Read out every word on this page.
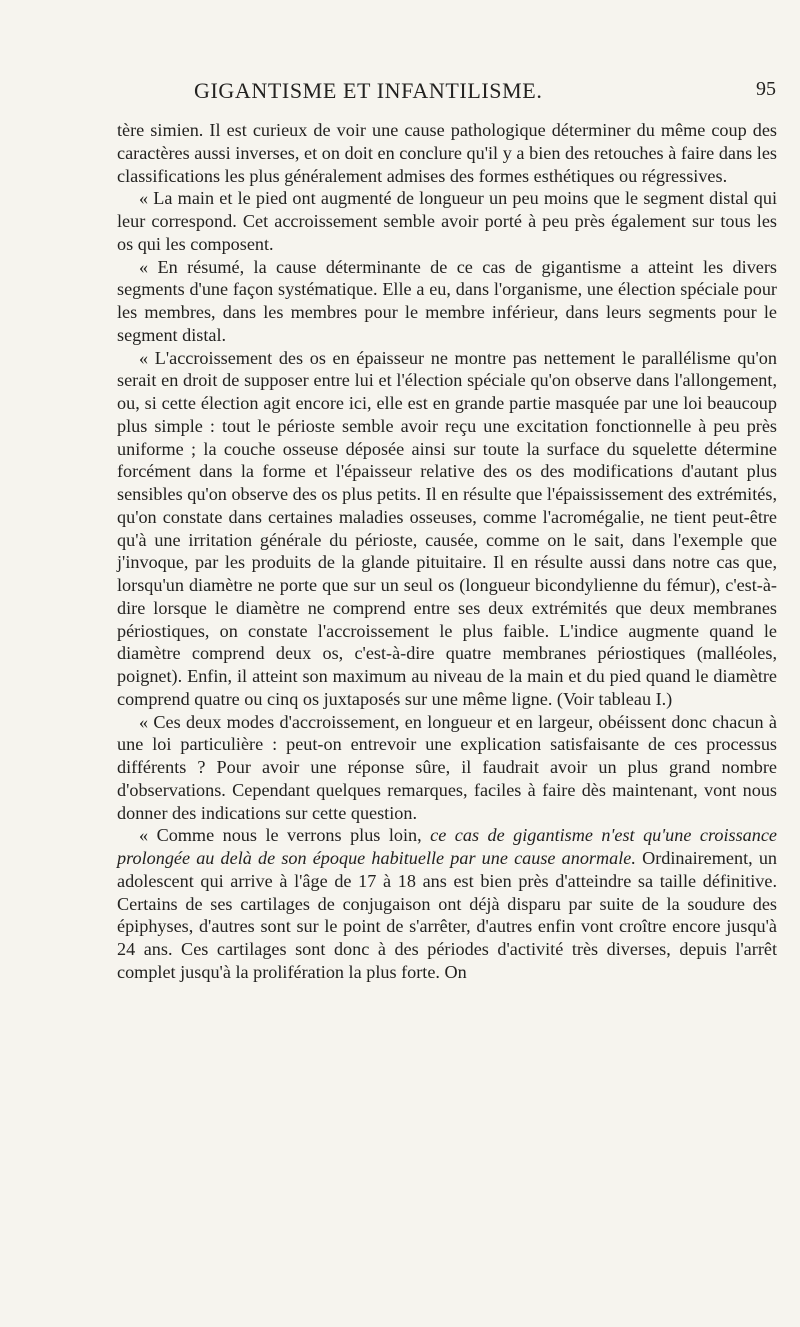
GIGANTISME ET INFANTILISME.	95

tère simien. Il est curieux de voir une cause pathologique déterminer du même coup des caractères aussi inverses, et on doit en conclure qu'il y a bien des retouches à faire dans les classifications les plus généralement admises des formes esthétiques ou régressives.

« La main et le pied ont augmenté de longueur un peu moins que le segment distal qui leur correspond. Cet accroissement semble avoir porté à peu près également sur tous les os qui les composent.

« En résumé, la cause déterminante de ce cas de gigantisme a atteint les divers segments d'une façon systématique. Elle a eu, dans l'organisme, une élection spéciale pour les membres, dans les membres pour le membre inférieur, dans leurs segments pour le segment distal.

« L'accroissement des os en épaisseur ne montre pas nettement le parallélisme qu'on serait en droit de supposer entre lui et l'élection spéciale qu'on observe dans l'allongement, ou, si cette élection agit encore ici, elle est en grande partie masquée par une loi beaucoup plus simple : tout le périoste semble avoir reçu une excitation fonctionnelle à peu près uniforme ; la couche osseuse déposée ainsi sur toute la surface du squelette détermine forcément dans la forme et l'épaisseur relative des os des modifications d'autant plus sensibles qu'on observe des os plus petits. Il en résulte que l'épaississement des extrémités, qu'on constate dans certaines maladies osseuses, comme l'acromégalie, ne tient peut-être qu'à une irritation générale du périoste, causée, comme on le sait, dans l'exemple que j'invoque, par les produits de la glande pituitaire. Il en résulte aussi dans notre cas que, lorsqu'un diamètre ne porte que sur un seul os (longueur bicondylienne du fémur), c'est-à-dire lorsque le diamètre ne comprend entre ses deux extrémités que deux membranes périostiques, on constate l'accroissement le plus faible. L'indice augmente quand le diamètre comprend deux os, c'est-à-dire quatre membranes périostiques (malléoles, poignet). Enfin, il atteint son maximum au niveau de la main et du pied quand le diamètre comprend quatre ou cinq os juxtaposés sur une même ligne. (Voir tableau I.)

« Ces deux modes d'accroissement, en longueur et en largeur, obéissent donc chacun à une loi particulière : peut-on entrevoir une explication satisfaisante de ces processus différents ? Pour avoir une réponse sûre, il faudrait avoir un plus grand nombre d'observations. Cependant quelques remarques, faciles à faire dès maintenant, vont nous donner des indications sur cette question.

« Comme nous le verrons plus loin, ce cas de gigantisme n'est qu'une croissance prolongée au delà de son époque habituelle par une cause anormale. Ordinairement, un adolescent qui arrive à l'âge de 17 à 18 ans est bien près d'atteindre sa taille définitive. Certains de ses cartilages de conjugaison ont déjà disparu par suite de la soudure des épiphyses, d'autres sont sur le point de s'arrêter, d'autres enfin vont croître encore jusqu'à 24 ans. Ces cartilages sont donc à des périodes d'activité très diverses, depuis l'arrêt complet jusqu'à la prolifération la plus forte. On
